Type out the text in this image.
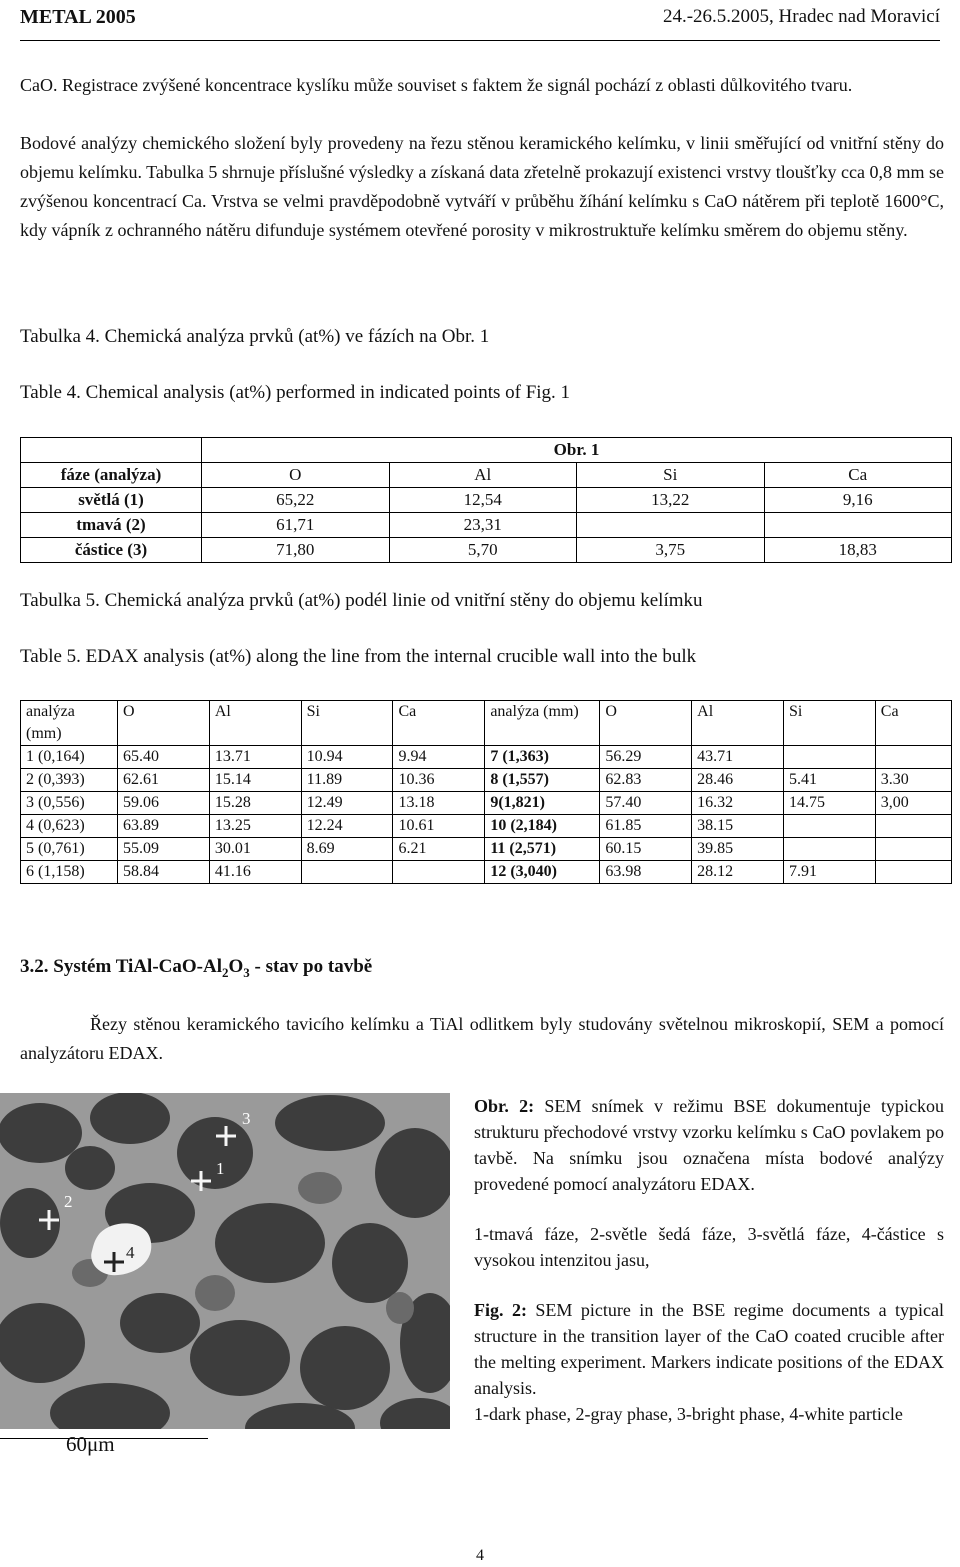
METAL 2005	24.-26.5.2005, Hradec nad Moravicí

CaO. Registrace zvýšené koncentrace kyslíku může souviset s faktem že signál pochází z oblasti důlkovitého tvaru.

Bodové analýzy chemického složení byly provedeny na řezu stěnou keramického kelímku, v linii směřující od vnitřní stěny do objemu kelímku. Tabulka 5 shrnuje příslušné výsledky a získaná data zřetelně prokazují existenci vrstvy tloušťky cca 0,8 mm se zvýšenou koncentrací Ca. Vrstva se velmi pravděpodobně vytváří v průběhu žíhání kelímku s CaO nátěrem při teplotě 1600°C, kdy vápník z ochranného nátěru difunduje systémem otevřené porosity v mikrostruktuře kelímku směrem do objemu stěny.

Tabulka 4. Chemická analýza prvků (at%) ve fázích na Obr. 1

Table 4. Chemical analysis (at%) performed in indicated points of Fig. 1

	Obr. 1			
fáze (analýza)	O	Al	Si	Ca
světlá (1)	65,22	12,54	13,22	9,16
tmavá (2)	61,71	23,31		
částice (3)	71,80	5,70	3,75	18,83

Tabulka 5. Chemická analýza prvků (at%) podél linie od vnitřní stěny do objemu kelímku

Table 5. EDAX analysis (at%) along the line from the internal crucible wall into the bulk

analýza (mm)	O	Al	Si	Ca	analýza (mm)	O	Al	Si	Ca
1 (0,164)	65.40	13.71	10.94	9.94	7 (1,363)	56.29	43.71		
2 (0,393)	62.61	15.14	11.89	10.36	8 (1,557)	62.83	28.46	5.41	3.30
3 (0,556)	59.06	15.28	12.49	13.18	9(1,821)	57.40	16.32	14.75	3,00
4 (0,623)	63.89	13.25	12.24	10.61	10 (2,184)	61.85	38.15		
5 (0,761)	55.09	30.01	8.69	6.21	11 (2,571)	60.15	39.85		
6 (1,158)	58.84	41.16			12 (3,040)	63.98	28.12	7.91	
3.2. Systém TiAl-$CaO-Al_2O_3$ - stav po tavbě

Řezy stěnou keramického tavicího kelímku a TiAl odlitkem byly studovány světelnou mikroskopií, SEM a pomocí analyzátoru EDAX.

1
2
3
4
60μm

Obr. 2: SEM snímek v režimu BSE dokumentuje typickou strukturu přechodové vrstvy vzorku kelímku s CaO povlakem po tavbě. Na snímku jsou označena místa bodové analýzy provedené pomocí analyzátoru EDAX.

1-tmavá fáze, 2-světle šedá fáze, 3-světlá fáze, 4-částice s vysokou intenzitou jasu,

Fig. 2: SEM picture in the BSE regime documents a typical structure in the transition layer of the CaO coated crucible after the melting experiment. Markers indicate positions of the EDAX analysis.

1-dark phase, 2-gray phase, 3-bright phase, 4-white particle

4
